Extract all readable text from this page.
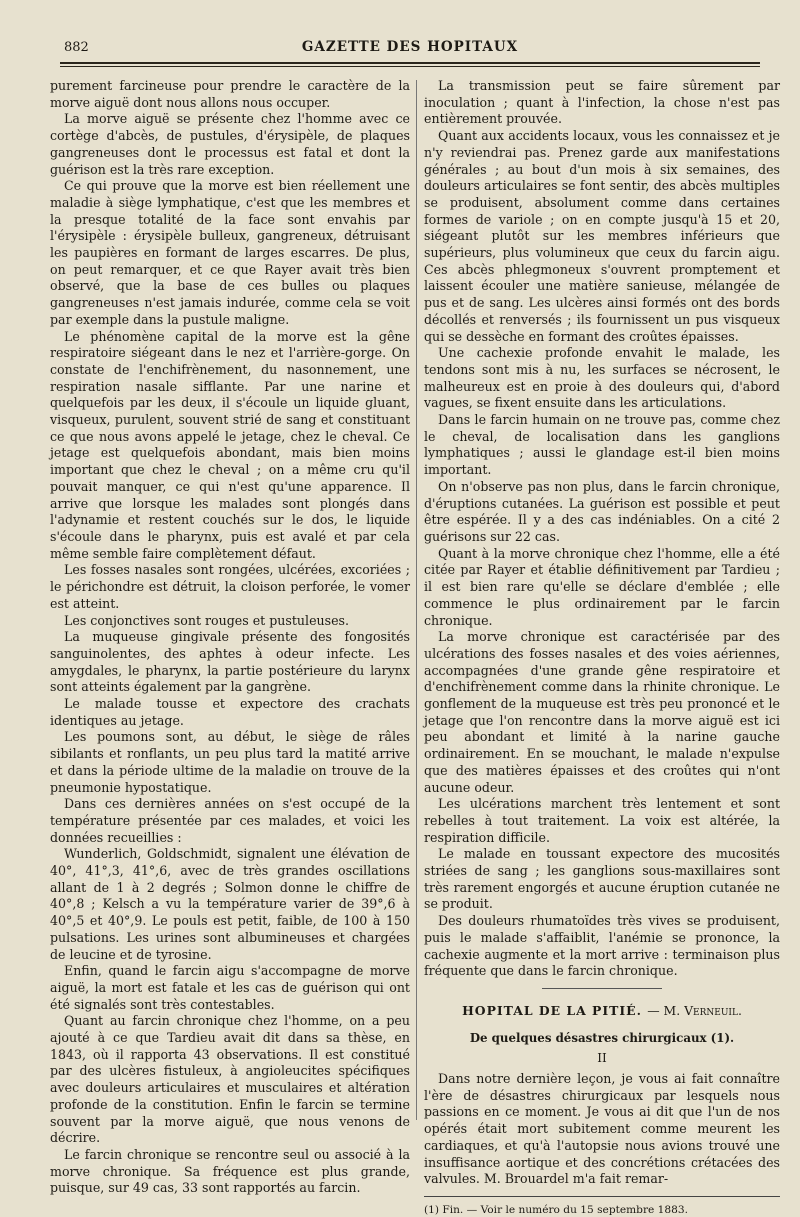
882	GAZETTE DES HOPITAUX

purement farcineuse pour prendre le caractère de la morve aiguë dont nous allons nous occuper.

La morve aiguë se présente chez l'homme avec ce cortège d'abcès, de pustules, d'érysipèle, de plaques gangreneuses dont le processus est fatal et dont la guérison est la très rare exception.

Ce qui prouve que la morve est bien réellement une maladie à siège lymphatique, c'est que les membres et la presque totalité de la face sont envahis par l'érysipèle : érysipèle bulleux, gangreneux, détruisant les paupières en formant de larges escarres. De plus, on peut remarquer, et ce que Rayer avait très bien observé, que la base de ces bulles ou plaques gangreneuses n'est jamais indurée, comme cela se voit par exemple dans la pustule maligne.

Le phénomène capital de la morve est la gêne respiratoire siégeant dans le nez et l'arrière-gorge. On constate de l'enchifrènement, du nasonnement, une respiration nasale sifflante. Par une narine et quelquefois par les deux, il s'écoule un liquide gluant, visqueux, purulent, souvent strié de sang et constituant ce que nous avons appelé le jetage, chez le cheval. Ce jetage est quelquefois abondant, mais bien moins important que chez le cheval ; on a même cru qu'il pouvait manquer, ce qui n'est qu'une apparence. Il arrive que lorsque les malades sont plongés dans l'adynamie et restent couchés sur le dos, le liquide s'écoule dans le pharynx, puis est avalé et par cela même semble faire complètement défaut.

Les fosses nasales sont rongées, ulcérées, excoriées ; le périchondre est détruit, la cloison perforée, le vomer est atteint.

Les conjonctives sont rouges et pustuleuses.

La muqueuse gingivale présente des fongosités sanguinolentes, des aphtes à odeur infecte. Les amygdales, le pharynx, la partie postérieure du larynx sont atteints également par la gangrène.

Le malade tousse et expectore des crachats identiques au jetage.

Les poumons sont, au début, le siège de râles sibilants et ronflants, un peu plus tard la matité arrive et dans la période ultime de la maladie on trouve de la pneumonie hypostatique.

Dans ces dernières années on s'est occupé de la température présentée par ces malades, et voici les données recueillies :

Wunderlich, Goldschmidt, signalent une élévation de 40°, 41°,3, 41°,6, avec de très grandes oscillations allant de 1 à 2 degrés ; Solmon donne le chiffre de 40°,8 ; Kelsch a vu la température varier de 39°,6 à 40°,5 et 40°,9. Le pouls est petit, faible, de 100 à 150 pulsations. Les urines sont albumineuses et chargées de leucine et de tyrosine.

Enfin, quand le farcin aigu s'accompagne de morve aiguë, la mort est fatale et les cas de guérison qui ont été signalés sont très contestables.

Quant au farcin chronique chez l'homme, on a peu ajouté à ce que Tardieu avait dit dans sa thèse, en 1843, où il rapporta 43 observations. Il est constitué par des ulcères fistuleux, à angioleucites spécifiques avec douleurs articulaires et musculaires et altération profonde de la constitution. Enfin le farcin se termine souvent par la morve aiguë, que nous venons de décrire.

Le farcin chronique se rencontre seul ou associé à la morve chronique. Sa fréquence est plus grande, puisque, sur 49 cas, 33 sont rapportés au farcin.

La transmission peut se faire sûrement par inoculation ; quant à l'infection, la chose n'est pas entièrement prouvée.

Quant aux accidents locaux, vous les connaissez et je n'y reviendrai pas. Prenez garde aux manifestations générales ; au bout d'un mois à six semaines, des douleurs articulaires se font sentir, des abcès multiples se produisent, absolument comme dans certaines formes de variole ; on en compte jusqu'à 15 et 20, siégeant plutôt sur les membres inférieurs que supérieurs, plus volumineux que ceux du farcin aigu. Ces abcès phlegmoneux s'ouvrent promptement et laissent écouler une matière sanieuse, mélangée de pus et de sang. Les ulcères ainsi formés ont des bords décollés et renversés ; ils fournissent un pus visqueux qui se dessèche en formant des croûtes épaisses.

Une cachexie profonde envahit le malade, les tendons sont mis à nu, les surfaces se nécrosent, le malheureux est en proie à des douleurs qui, d'abord vagues, se fixent ensuite dans les articulations.

Dans le farcin humain on ne trouve pas, comme chez le cheval, de localisation dans les ganglions lymphatiques ; aussi le glandage est-il bien moins important.

On n'observe pas non plus, dans le farcin chronique, d'éruptions cutanées. La guérison est possible et peut être espérée. Il y a des cas indéniables. On a cité 2 guérisons sur 22 cas.

Quant à la morve chronique chez l'homme, elle a été citée par Rayer et établie définitivement par Tardieu ; il est bien rare qu'elle se déclare d'emblée ; elle commence le plus ordinairement par le farcin chronique.

La morve chronique est caractérisée par des ulcérations des fosses nasales et des voies aériennes, accompagnées d'une grande gêne respiratoire et d'enchifrènement comme dans la rhinite chronique. Le gonflement de la muqueuse est très peu prononcé et le jetage que l'on rencontre dans la morve aiguë est ici peu abondant et limité à la narine gauche ordinairement. En se mouchant, le malade n'expulse que des matières épaisses et des croûtes qui n'ont aucune odeur.

Les ulcérations marchent très lentement et sont rebelles à tout traitement. La voix est altérée, la respiration difficile.

Le malade en toussant expectore des mucosités striées de sang ; les ganglions sous-maxillaires sont très rarement engorgés et aucune éruption cutanée ne se produit.

Des douleurs rhumatoïdes très vives se produisent, puis le malade s'affaiblit, l'anémie se prononce, la cachexie augmente et la mort arrive : terminaison plus fréquente que dans le farcin chronique.

HOPITAL DE LA PITIÉ. — M. Verneuil.

De quelques désastres chirurgicaux (1).

II

Dans notre dernière leçon, je vous ai fait connaître l'ère de désastres chirurgicaux par lesquels nous passions en ce moment. Je vous ai dit que l'un de nos opérés était mort subitement comme meurent les cardiaques, et qu'à l'autopsie nous avions trouvé une insuffisance aortique et des concrétions crétacées des valvules. M. Brouardel m'a fait remar-

(1) Fin. — Voir le numéro du 15 septembre 1883.
